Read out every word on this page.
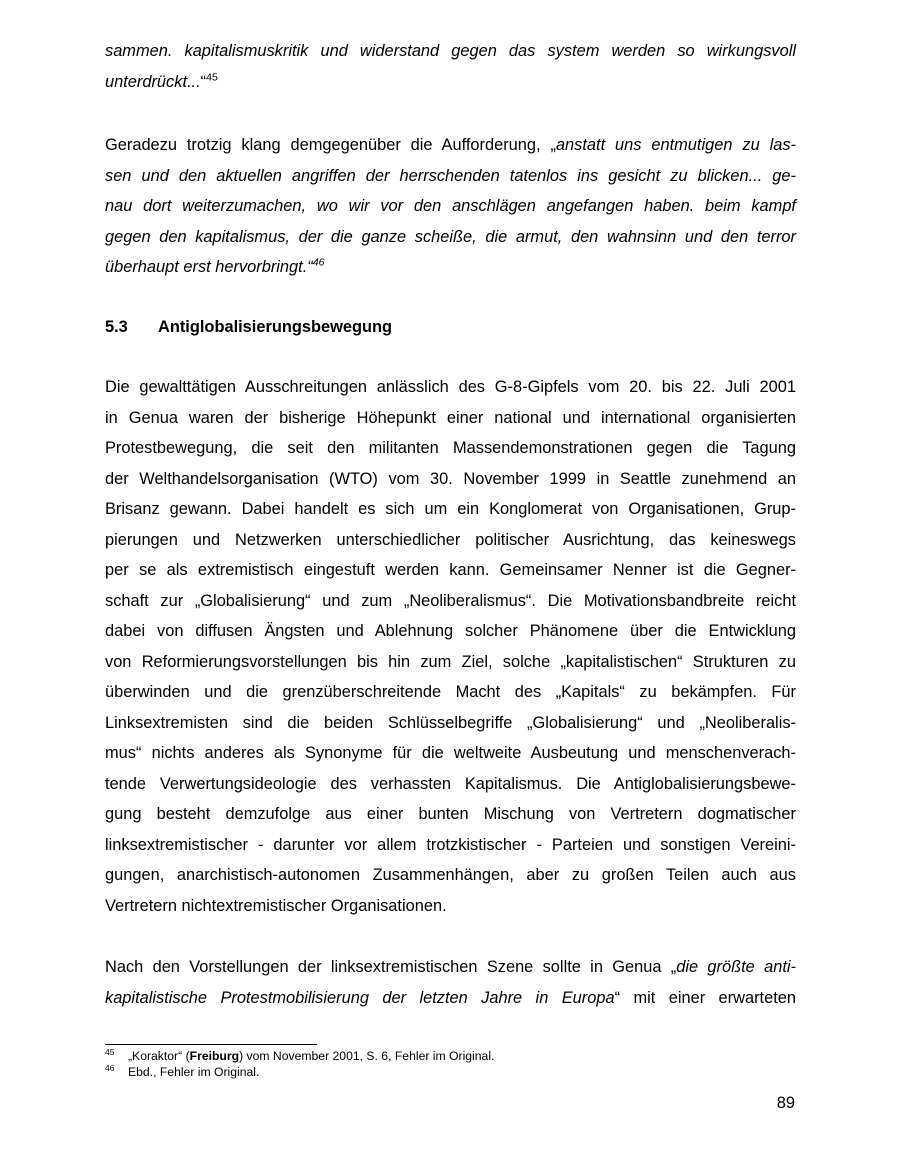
sammen. kapitalismuskritik und widerstand gegen das system werden so wirkungsvoll

unterdrückt...“$^{45}$

Geradezu trotzig klang demgegenüber die Aufforderung, „anstatt uns entmutigen zu las-

sen und den aktuellen angriffen der herrschenden tatenlos ins gesicht zu blicken... ge-

nau dort weiterzumachen, wo wir vor den anschlägen angefangen haben. beim kampf

gegen den kapitalismus, der die ganze scheiße, die armut, den wahnsinn und den terror

überhaupt erst hervorbringt.“$^{46}$

5.3 Antiglobalisierungsbewegung

Die gewalttätigen Ausschreitungen anlässlich des G-8-Gipfels vom 20. bis 22. Juli 2001

in Genua waren der bisherige Höhepunkt einer national und international organisierten

Protestbewegung, die seit den militanten Massendemonstrationen gegen die Tagung

der Welthandelsorganisation (WTO) vom 30. November 1999 in Seattle zunehmend an

Brisanz gewann. Dabei handelt es sich um ein Konglomerat von Organisationen, Grup-

pierungen und Netzwerken unterschiedlicher politischer Ausrichtung, das keineswegs

per se als extremistisch eingestuft werden kann. Gemeinsamer Nenner ist die Gegner-

schaft zur „Globalisierung“ und zum „Neoliberalismus“. Die Motivationsbandbreite reicht

dabei von diffusen Ängsten und Ablehnung solcher Phänomene über die Entwicklung

von Reformierungsvorstellungen bis hin zum Ziel, solche „kapitalistischen“ Strukturen zu

überwinden und die grenzüberschreitende Macht des „Kapitals“ zu bekämpfen. Für

Linksextremisten sind die beiden Schlüsselbegriffe „Globalisierung“ und „Neoliberalis-

mus“ nichts anderes als Synonyme für die weltweite Ausbeutung und menschenverach-

tende Verwertungsideologie des verhassten Kapitalismus. Die Antiglobalisierungsbewe-

gung besteht demzufolge aus einer bunten Mischung von Vertretern dogmatischer

linksextremistischer - darunter vor allem trotzkistischer - Parteien und sonstigen Vereini-

gungen, anarchistisch-autonomen Zusammenhängen, aber zu großen Teilen auch aus

Vertretern nichtextremistischer Organisationen.

Nach den Vorstellungen der linksextremistischen Szene sollte in Genua „die größte anti-

kapitalistische Protestmobilisierung der letzten Jahre in Europa“ mit einer erwarteten

45 „Koraktor“ (Freiburg) vom November 2001, S. 6, Fehler im Original.

46 Ebd., Fehler im Original.

89
